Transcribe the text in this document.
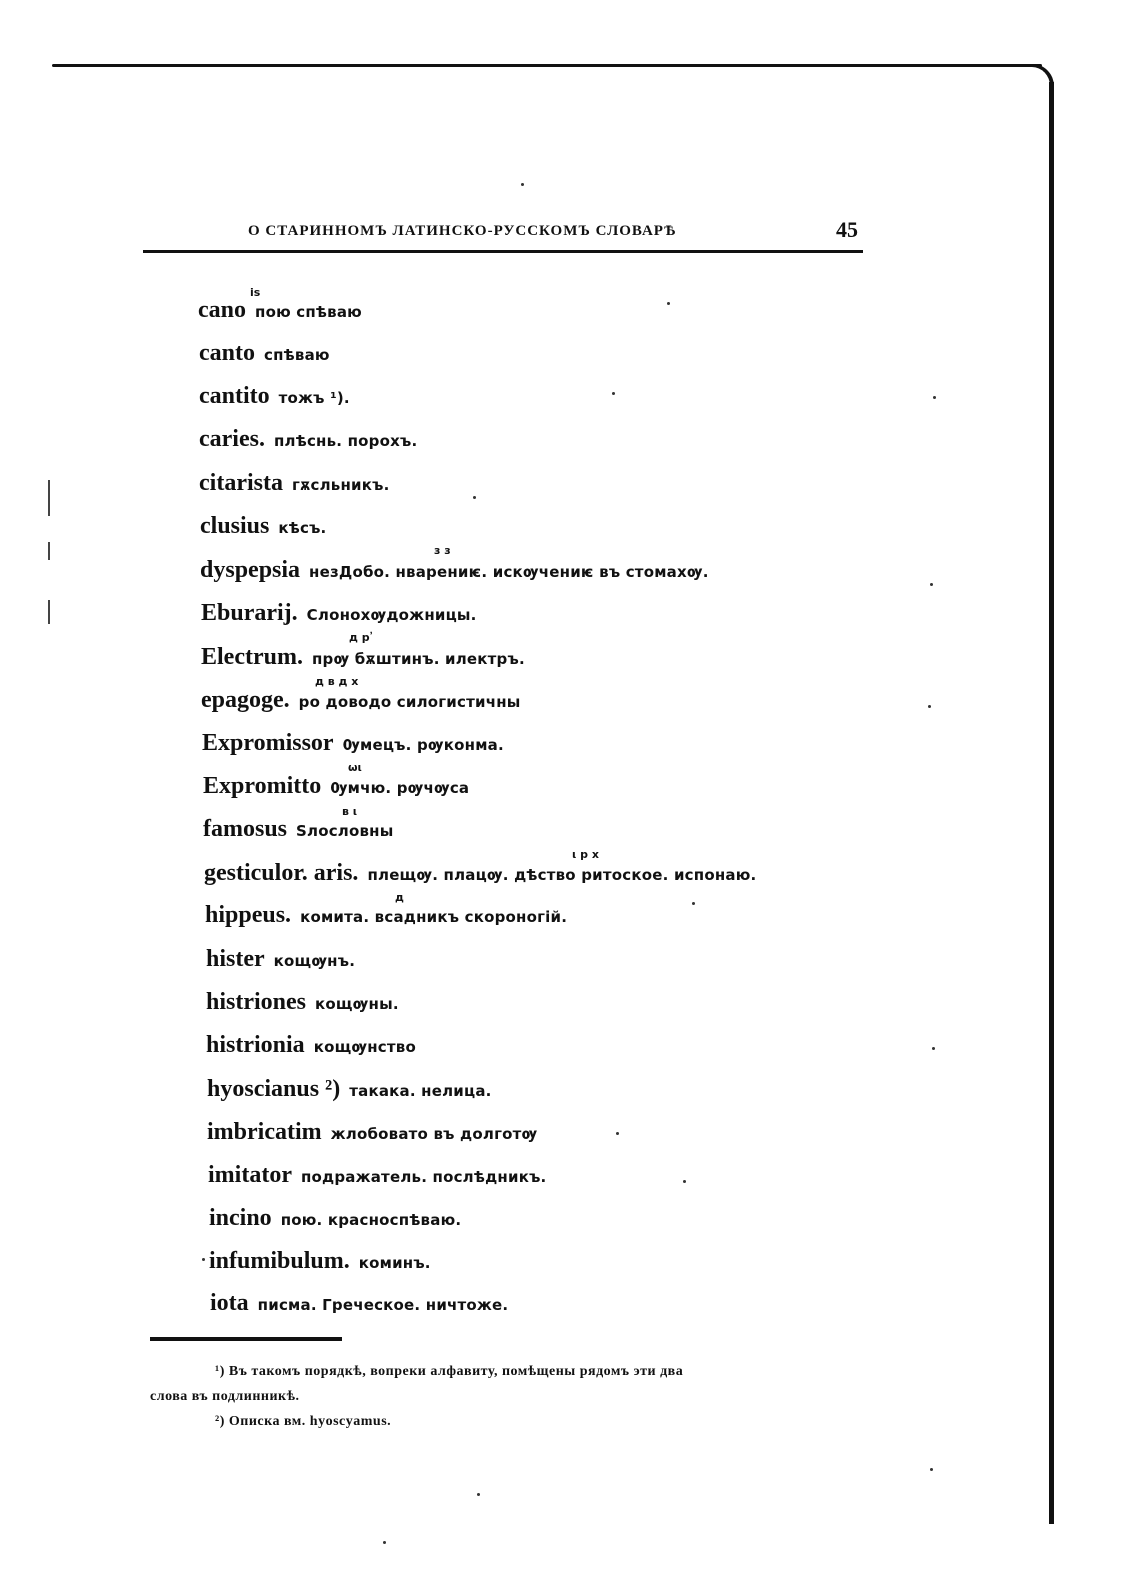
О СТАРИННОМЪ ЛАТИНСКО-РУССКОМЪ СЛОВАРѢ	45
is
cano пою спѣваю
canto спѣваю
cantito тожъ ¹).
caries. плѣснь. порохъ.
citarista гѫсльникъ.
clusius кѣсъ.
з з
dyspepsia незДобо. нварениѥ. искѹчениѥ въ стомахѹ.
Eburarij. Слонохѹдожницы.
д р ̓
Electrum. прѹ бѫштинъ. илектръ.
д в д x
epagoge. ро доводо силогистичны
Expromissor Ѹмецъ. рѹконма.
ωι
Expromitto Ѹмчю. рѹчѹса
в ι
famosus Ѕлословны
ι р x
gesticulor. aris. плещѹ. плацѹ. дѣство ритоское. испонаю.
д
hippeus. комита. всадникъ скороногій.
hister кощѹнъ.
histriones кощѹны.
histrionia кощѹнство
hyoscianus ²) такака. нелица.
imbricatim жлобовато въ долготѹ
imitator подражатель. послѣдникъ.
incino пою. красноспѣваю.
infumibulum. коминъ.
iota писма. Греческое. ничтоже.
¹) Въ такомъ порядкѣ, вопреки алфавиту, помѣщены рядомъ эти два
слова въ подлинникѣ.
²) Описка вм. hyoscyamus.
